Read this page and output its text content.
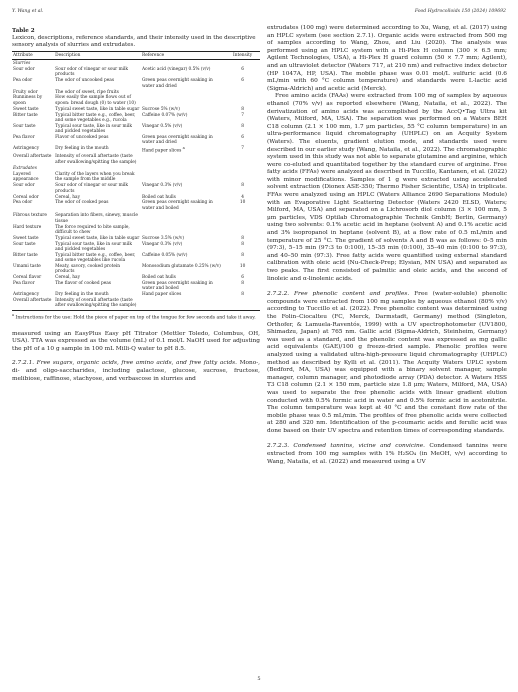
Y. Wang et al.	Food Hydrocolloids 150 (2024) 109692
Table 2
Lexicon, descriptions, reference standards, and their intensity used in the descriptive sensory analysis of slurries and extrudates.
Attribute	Description	Reference	Intensity
Slurries			
Sour odor	Sour odor of vinegar or sour milk products	Acetic acid (vinegar) 0.5% (v/v)	6
Pea odor	The odor of uncooked peas	Green peas overnight soaking in water and dried	6
Fruity odor	The odor of sweet, ripe fruits		
Runniness by spoon	How easily the sample flows out of spoon: bread dough (0) to water (10)		
Sweet taste	Typical sweet taste, like in table sugar	Sucrose 5% (w/v)	8
Bitter taste	Typical bitter taste e.g., coffee, beer, and some vegetables e.g., rucola	Caffeine 0.07% (w/v)	7
Sour taste	Typical sour taste, like in sour milk and pickled vegetables	Vinegar 0.5% (v/v)	8
Pea flavor	Flavor of uncooked peas	Green peas overnight soaking in water and dried	6
Astringency	Dry feeling in the mouth	Hand paper slices $^a$	7
Overall aftertaste	Intensity of overall aftertaste (taste after swallowing/spitting the sample)		
Extrudates			
Layered appearance	Clarity of the layers when you break the sample from the middle		
Sour odor	Sour odor of vinegar or sour milk products	Vinegar 0.3% (v/v)	8
Cereal odor	Cereal, hay	Boiled oat hulls	4
Pea odor	The odor of cooked peas	Green peas overnight soaking in water and boiled	10
Fibrous texture	Separation into fibers, sinewy, muscle tissue		
Hard texture	The force required to bite sample, difficult to chew		
Sweet taste	Typical sweet taste, like in table sugar	Sucrose 3.5% (w/v)	8
Sour taste	Typical sour taste, like in sour milk and pickled vegetables	Vinegar 0.3% (v/v)	8
Bitter taste	Typical bitter taste e.g., coffee, beer, and some vegetables like rucola	Caffeine 0.05% (w/v)	8
Umami taste	Meaty, savory, cooked protein products	Monosodium glutamate 0.25% (w/v)	10
Cereal flavor	Cereal, hay	Boiled oat hulls	6
Pea flavor	The flavor of cooked peas	Green peas overnight soaking in water and boiled	8
Astringency	Dry feeling in the mouth	Hand paper slices	8
Overall aftertaste	Intensity of overall aftertaste (taste after swallowing/spitting the sample)		
$^a$ Instructions for the use: Hold the piece of paper on top of the tongue for few seconds and take it away.

measured using an EasyPlus Easy pH Titrator (Mettler Toledo, Columbus, OH, USA). TTA was expressed as the volume (mL) of 0.1 mol/L NaOH used for adjusting the pH of a 10 g sample in 100 mL Milli-Q water to pH 8.5.

2.7.2.1. Free sugars, organic acids, free amino acids, and free fatty acids. Mono-, di- and oligo-saccharides, including galactose, glucose, sucrose, fructose, melibiose, raffinose, stachyose, and verbascose in slurries and

extrudates (100 mg) were determined according to Xu, Wang, et al. (2017) using an HPLC system (see section 2.7.1). Organic acids were extracted from 500 mg of samples according to Wang, Zhou, and Liu (2020). The analysis was performed using an HPLC system with a Hi-Plex H column (300 × 6.5 mm; Agilent Technologies, USA), a Hi-Plex H guard column (50 × 7.7 mm; Agilent), and an ultraviolet detector (Waters 717, at 210 nm) and refractive index detector (HP 1047A, HP, USA). The mobile phase was 0.01 mol/L sulfuric acid (0.6 mL/min with 60 °C column temperature) and standards were L-lactic acid (Sigma-Aldrich) and acetic acid (Merck).

Free amino acids (FAAs) were extracted from 100 mg of samples by aqueous ethanol (70% v/v) as reported elsewhere (Wang, Nataila, et al., 2022). The derivatization of amino acids was accomplished by the AccQ•Tag Ultra kit (Waters, Milford, MA, USA). The separation was performed on a Waters BEH C18 column (2.1 × 100 mm, 1.7 μm particles, 55 °C column temperature) in an ultra-performance liquid chromatography (UHPLC) on an Acquity System (Waters). The eluents, gradient elution mode, and standards used were described in our earlier study (Wang, Nataila, et al., 2022). The chromatographic system used in this study was not able to separate glutamine and arginine, which were co-eluted and quantitated together by the standard curve of arginine. Free fatty acids (FFAs) were analyzed as described in Tuccillo, Kantanen, et al. (2022) with minor modifications. Samples of 1 g were extracted using accelerated solvent extraction (Dionex ASE-350; Thermo Fisher Scientific, USA) in triplicate. FFAs were analyzed using an HPLC (Waters Alliance 2690 Separations Module) with an Evaporative Light Scattering Detector (Waters 2420 ELSD, Waters; Milford, MA, USA) and separated on a Lichrosorb diol column (3 × 100 mm, 5 μm particles, VDS Optilab Chromatographie Technik GmbH; Berlin, Germany) using two solvents: 0.1% acetic acid in heptane (solvent A) and 0.1% acetic acid and 3% isopropanol in heptane (solvent B), at a flow rate of 0.5 mL/min and temperature of 25 °C. The gradient of solvents A and B was as follows: 0–5 min (97:3), 5–15 min (97:3 to 0:100), 15–35 min (0:100), 35–40 min (0:100 to 97:3), and 40–50 min (97:3). Free fatty acids were quantified using external standard calibration with oleic acid (Nu-Check-Prep; Elysian, MN USA) and separated as two peaks. The first consisted of palmitic and oleic acids, and the second of linoleic and α-linolenic acids.

2.7.2.2. Free phenolic content and profiles. Free (water-soluble) phenolic compounds were extracted from 100 mg samples by aqueous ethanol (80% v/v) according to Tuccillo et al. (2022). Free phenolic content was determined using the Folin–Ciocalteu (FC, Merck, Darmstadt, Germany) method (Singleton, Orthofer, & Lamuela-Raventós, 1999) with a UV spectrophotometer (UV1800, Shimadzu, Japan) at 765 nm. Gallic acid (Sigma-Aldrich, Steinheim, Germany) was used as a standard, and the phenolic content was expressed as mg gallic acid equivalents (GAE)/100 g freeze-dried sample. Phenolic profiles were analyzed using a validated ultra-high-pressure liquid chromatography (UHPLC) method as described by Kylli et al. (2011). The Acquity Waters UPLC system (Bedford, MA, USA) was equipped with a binary solvent manager, sample manager, column manager, and photodiode array (PDA) detector. A Waters HSS T3 C18 column (2.1 × 150 mm, particle size 1.8 μm; Waters, Milford, MA, USA) was used to separate the free phenolic acids with linear gradient elution conducted with 0.5% formic acid in water and 0.5% formic acid in acetonitrile. The column temperature was kept at 40 °C and the constant flow rate of the mobile phase was 0.5 mL/min. The profiles of free phenolic acids were collected at 280 and 320 nm. Identification of the p-coumaric acids and ferulic acid was done based on their UV spectra and retention times of corresponding standards.

2.7.2.3. Condensed tannins, vicine and convicine. Condensed tannins were extracted from 100 mg samples with 1% H₂SO₄ (in MeOH, v/v) according to Wang, Nataila, et al. (2022) and measured using a UV

5
